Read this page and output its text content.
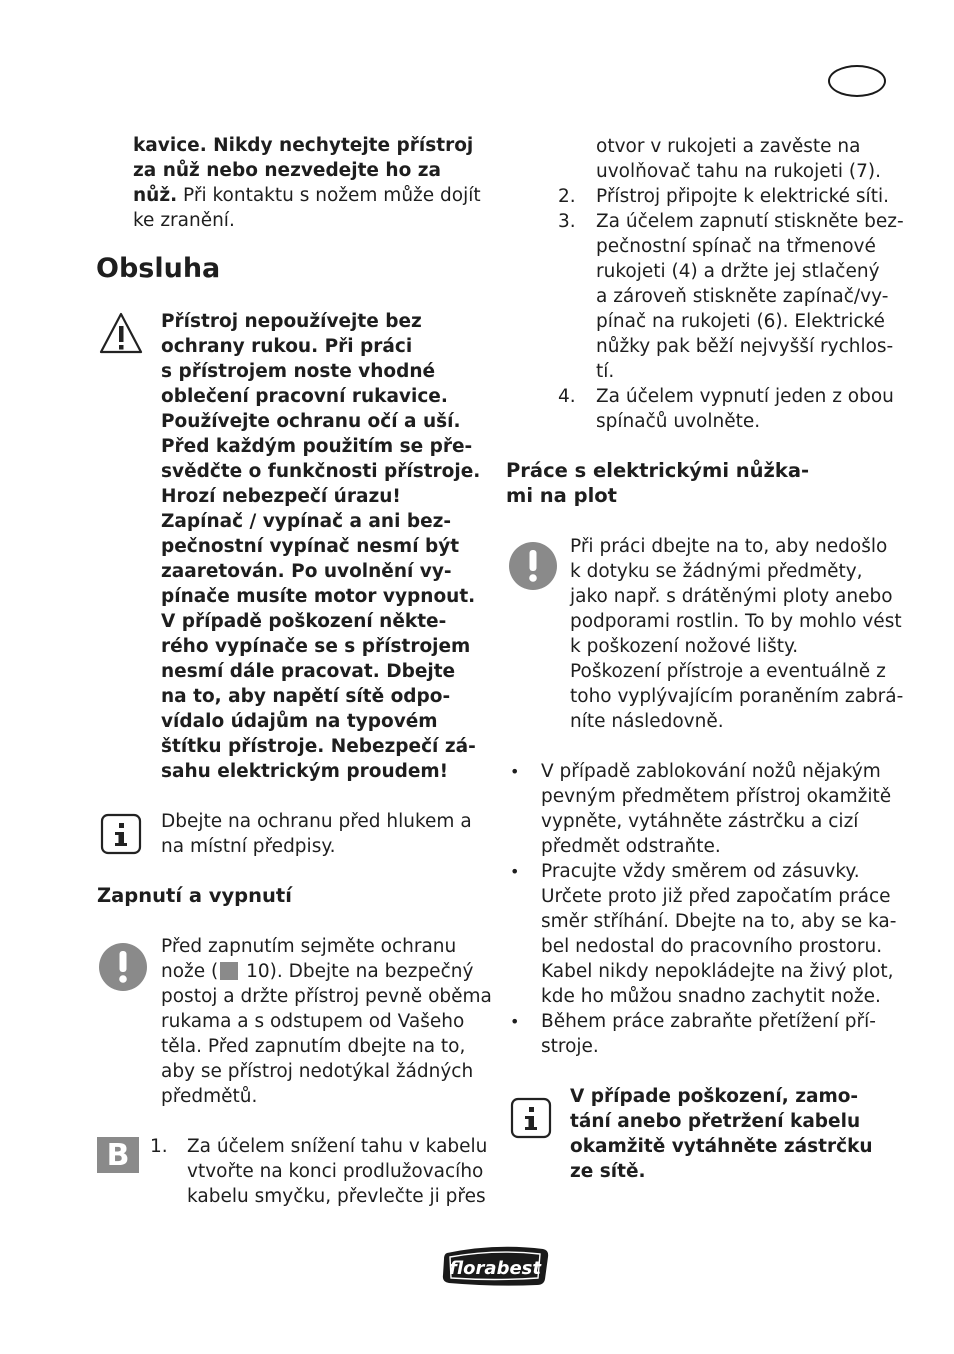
kavice. Nikdy nechytejte přístroj
za nůž nebo nezvedejte ho za
nůž. Při kontaktu s nožem může dojít
ke zranění.
Obsluha
Přístroj nepoužívejte bez
ochrany rukou. Při práci
s přístrojem noste vhodné
oblečení pracovní rukavice.
Používejte ochranu očí a uší.
Před každým použitím se pře-
svědčte o funkčnosti přístroje.
Hrozí nebezpečí úrazu!
Zapínač / vypínač a ani bez-
pečnostní vypínač nesmí být
zaaretován. Po uvolnění vy-
pínače musíte motor vypnout.
V případě poškození někte-
rého vypínače se s přístrojem
nesmí dále pracovat. Dbejte
na to, aby napětí sítě odpo-
vídalo údajům na typovém
štítku přístroje. Nebezpečí zá-
sahu elektrickým proudem!
Dbejte na ochranu před hlukem a
na místní předpisy.
Zapnutí a vypnutí
Před zapnutím sejměte ochranu
nože ( 10). Dbejte na bezpečný
postoj a držte přístroj pevně oběma
rukama a s odstupem od Vašeho
těla. Před zapnutím dbejte na to,
aby se přístroj nedotýkal žádných
předmětů.
B	1. Za účelem snížení tahu v kabelu
vtvořte na konci prodlužovacího
kabelu smyčku, převlečte ji přes
otvor v rukojeti a zavěste na
uvolňovač tahu na rukojeti (7).
2. Přístroj připojte k elektrické síti.
3. Za účelem zapnutí stiskněte bez-
pečnostní spínač na třmenové
rukojeti (4) a držte jej stlačený
a zároveň stiskněte zapínač/vy-
pínač na rukojeti (6). Elektrické
nůžky pak běží nejvyšší rychlos-
tí.
4. Za účelem vypnutí jeden z obou
spínačů uvolněte.
Práce s elektrickými nůžka-
mi na plot
Při práci dbejte na to, aby nedošlo
k dotyku se žádnými předměty,
jako např. s drátěnými ploty anebo
podporami rostlin. To by mohlo vést
k poškození nožové lišty.
Poškození přístroje a eventuálně z
toho vyplývajícím poraněním zabrá-
níte následovně.
• V případě zablokování nožů nějakým
pevným předmětem přístroj okamžitě
vypněte, vytáhněte zástrčku a cizí
předmět odstraňte.
• Pracujte vždy směrem od zásuvky.
Určete proto již před započatím práce
směr stříhání. Dbejte na to, aby se ka-
bel nedostal do pracovního prostoru.
Kabel nikdy nepokládejte na živý plot,
kde ho můžou snadno zachytit nože.
• Během práce zabraňte přetížení pří-
stroje.
V případe poškození, zamo-
tání anebo přetržení kabelu
okamžitě vytáhněte zástrčku
ze sítě.
florabest
